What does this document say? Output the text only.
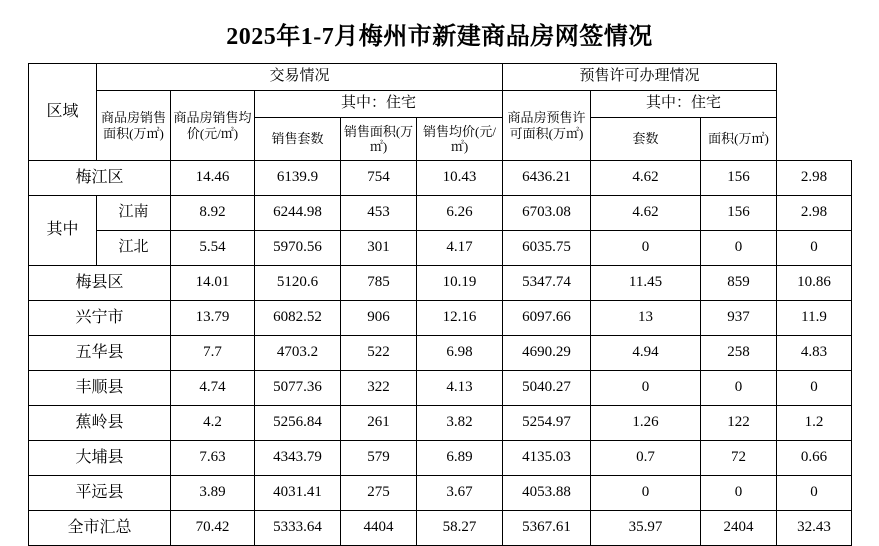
2025年1-7月梅州市新建商品房网签情况
区域	交易情况					预售许可办理情况			
	商品房销售面积(万㎡)	商品房销售均价(元/㎡)	其中：住宅			商品房预售许可面积(万㎡)	其中：住宅		
			销售套数	销售面积(万㎡)	销售均价(元/㎡)		套数	面积(万㎡)	
梅江区		14.46	6139.9	754	10.43	6436.21	4.62	156	2.98
其中	江南	8.92	6244.98	453	6.26	6703.08	4.62	156	2.98
	江北	5.54	5970.56	301	4.17	6035.75	0	0	0
梅县区		14.01	5120.6	785	10.19	5347.74	11.45	859	10.86
兴宁市		13.79	6082.52	906	12.16	6097.66	13	937	11.9
五华县		7.7	4703.2	522	6.98	4690.29	4.94	258	4.83
丰顺县		4.74	5077.36	322	4.13	5040.27	0	0	0
蕉岭县		4.2	5256.84	261	3.82	5254.97	1.26	122	1.2
大埔县		7.63	4343.79	579	6.89	4135.03	0.7	72	0.66
平远县		3.89	4031.41	275	3.67	4053.88	0	0	0
全市汇总		70.42	5333.64	4404	58.27	5367.61	35.97	2404	32.43
